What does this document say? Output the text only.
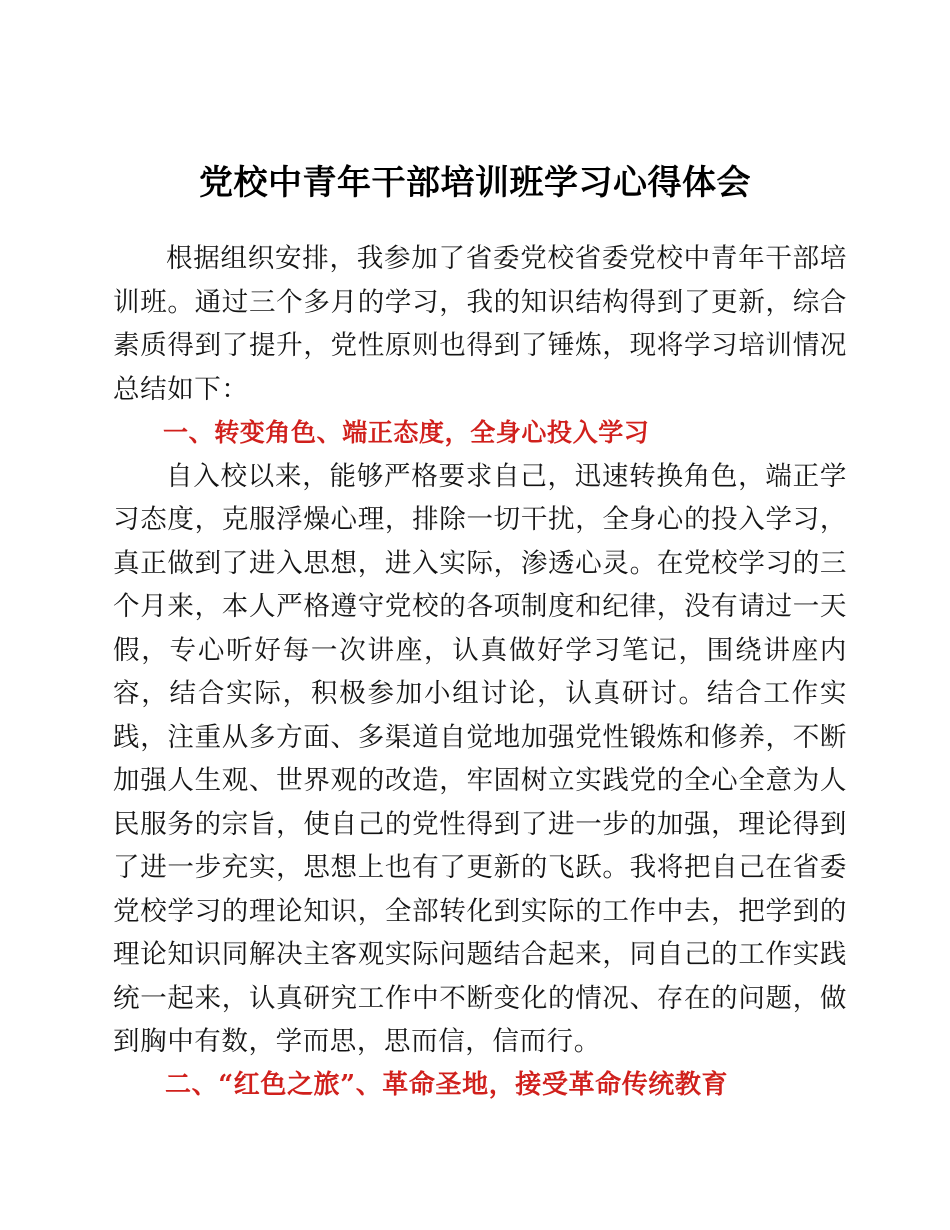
党校中青年干部培训班学习心得体会

根据组织安排，我参加了省委党校省委党校中青年干部培训班。通过三个多月的学习，我的知识结构得到了更新，综合素质得到了提升，党性原则也得到了锤炼，现将学习培训情况总结如下：

一、转变角色、端正态度，全身心投入学习

自入校以来，能够严格要求自己，迅速转换角色，端正学习态度，克服浮燥心理，排除一切干扰，全身心的投入学习，真正做到了进入思想，进入实际，渗透心灵。在党校学习的三个月来，本人严格遵守党校的各项制度和纪律，没有请过一天假，专心听好每一次讲座，认真做好学习笔记，围绕讲座内容，结合实际，积极参加小组讨论，认真研讨。结合工作实践，注重从多方面、多渠道自觉地加强党性锻炼和修养，不断加强人生观、世界观的改造，牢固树立实践党的全心全意为人民服务的宗旨，使自己的党性得到了进一步的加强，理论得到了进一步充实，思想上也有了更新的飞跃。我将把自己在省委党校学习的理论知识，全部转化到实际的工作中去，把学到的理论知识同解决主客观实际问题结合起来，同自己的工作实践统一起来，认真研究工作中不断变化的情况、存在的问题，做到胸中有数，学而思，思而信，信而行。

二、“红色之旅”、革命圣地，接受革命传统教育
